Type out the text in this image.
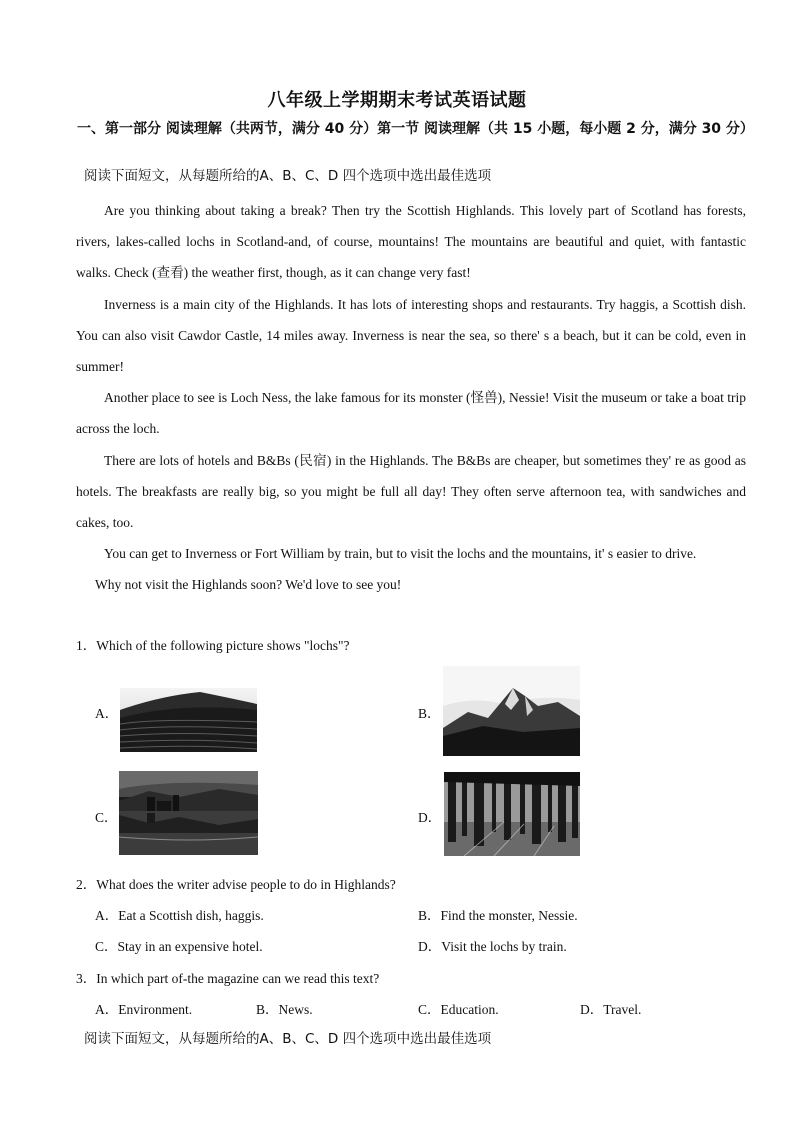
八年级上学期期末考试英语试题
一、第一部分 阅读理解（共两节，满分 40 分）第一节 阅读理解（共 15 小题，每小题 2 分，满分 30 分）
阅读下面短文，从每题所给的A、B、C、D 四个选项中选出最佳选项

Are you thinking about taking a break? Then try the Scottish Highlands. This lovely part of Scotland has forests, rivers, lakes-called lochs in Scotland-and, of course, mountains! The mountains are beautiful and quiet, with fantastic walks. Check (查看) the weather first, though, as it can change very fast!

Inverness is a main city of the Highlands. It has lots of interesting shops and restaurants. Try haggis, a Scottish dish. You can also visit Cawdor Castle, 14 miles away. Inverness is near the sea, so there' s a beach, but it can be cold, even in summer!

Another place to see is Loch Ness, the lake famous for its monster (怪兽), Nessie! Visit the museum or take a boat trip across the loch.

There are lots of hotels and B&Bs (民宿) in the Highlands. The B&Bs are cheaper, but sometimes they' re as good as hotels. The breakfasts are really big, so you might be full all day! They often serve afternoon tea, with sandwiches and cakes, too.

You can get to Inverness or Fort William by train, but to visit the lochs and the mountains, it' s easier to drive.

Why not visit the Highlands soon? We'd love to see you!

1．Which of the following picture shows "lochs"?
A．	B．
C．	D．
2．What does the writer advise people to do in Highlands?
A．Eat a Scottish dish, haggis.	B．Find the monster, Nessie.
C．Stay in an expensive hotel.	D．Visit the lochs by train.
3．In which part of-the magazine can we read this text?
A．Environment.	B．News.	C．Education.	D．Travel.
阅读下面短文，从每题所给的A、B、C、D 四个选项中选出最佳选项
